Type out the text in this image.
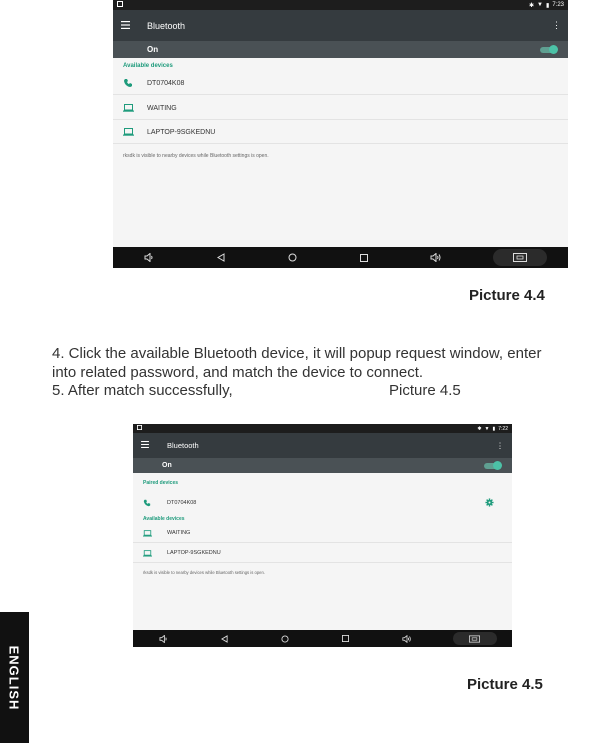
✱ ▼ ▮ 7:23
Bluetooth	⋮
On
Available devices
DT0704K08
WAITING
LAPTOP-9SGKEDNU
rksdk is visible to nearby devices while Bluetooth settings is open.
Picture 4.4
4. Click the available Bluetooth device, it will popup request window, enter
into related password, and match the device to connect.
5. After match successfully,	Picture 4.5
✱ ▼ ▮ 7:22
Bluetooth	⋮
On
Paired devices
DT0704K08
Available devices
WAITING
LAPTOP-9SGKEDNU
rksdk is visible to nearby devices while Bluetooth settings is open.
Picture 4.5
ENGLISH
